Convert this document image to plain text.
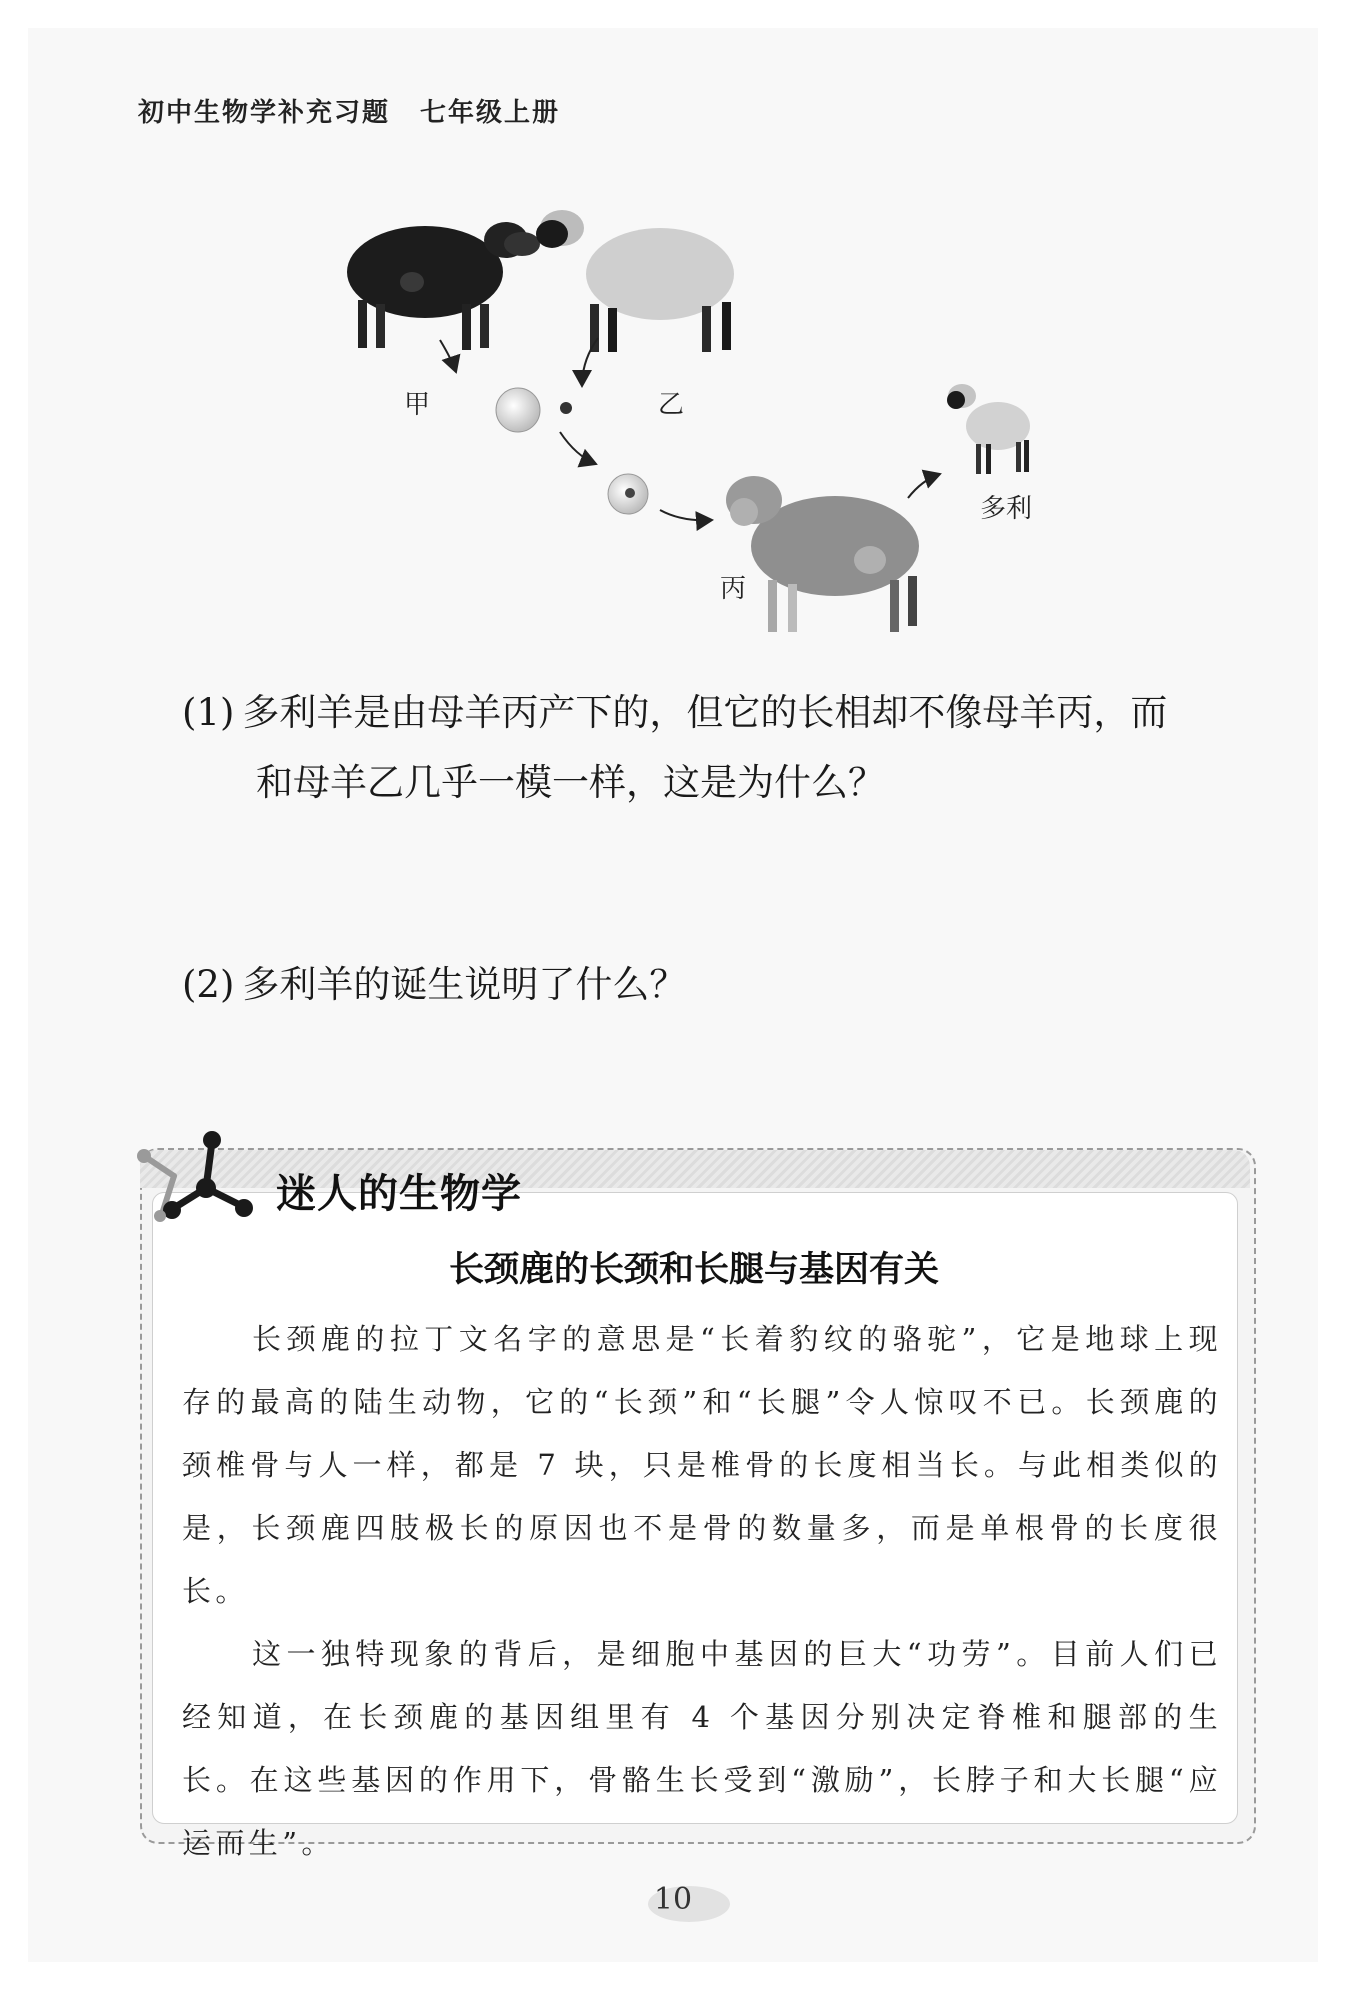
初中生物学补充习题 七年级上册
甲	乙
丙
多利
(1) 多利羊是由母羊丙产下的，但它的长相却不像母羊丙，而
和母羊乙几乎一模一样，这是为什么？
(2) 多利羊的诞生说明了什么？
迷人的生物学
长颈鹿的长颈和长腿与基因有关

长颈鹿的拉丁文名字的意思是“长着豹纹的骆驼”，它是地球上现存的最高的陆生动物，它的“长颈”和“长腿”令人惊叹不已。长颈鹿的颈椎骨与人一样，都是 7 块，只是椎骨的长度相当长。与此相类似的是，长颈鹿四肢极长的原因也不是骨的数量多，而是单根骨的长度很长。

这一独特现象的背后，是细胞中基因的巨大“功劳”。目前人们已经知道，在长颈鹿的基因组里有 4 个基因分别决定脊椎和腿部的生长。在这些基因的作用下，骨骼生长受到“激励”，长脖子和大长腿“应运而生”。

10
